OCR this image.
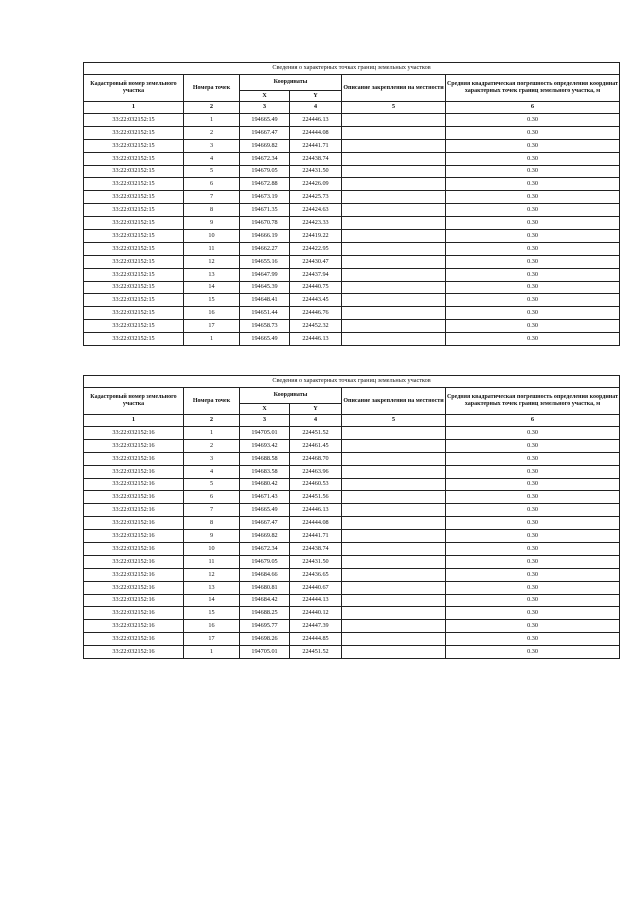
Сведения о характерных точках границ земельных участков					
Кадастровый номер земельного участка	Номера точек	Координаты		Описание закрепления на местности	Средняя квадратическая погрешность определения координат характерных точек границ земельного участка, м
		X	Y		
1	2	3	4	5	6
33:22:032152:15	1	194665.49	224446.13		0.30
33:22:032152:15	2	194667.47	224444.08		0.30
33:22:032152:15	3	194669.82	224441.71		0.30
33:22:032152:15	4	194672.34	224438.74		0.30
33:22:032152:15	5	194679.05	224431.50		0.30
33:22:032152:15	6	194672.88	224426.09		0.30
33:22:032152:15	7	194673.19	224425.73		0.30
33:22:032152:15	8	194671.35	224424.63		0.30
33:22:032152:15	9	194670.78	224423.33		0.30
33:22:032152:15	10	194666.19	224419.22		0.30
33:22:032152:15	11	194662.27	224422.95		0.30
33:22:032152:15	12	194655.16	224430.47		0.30
33:22:032152:15	13	194647.99	224437.94		0.30
33:22:032152:15	14	194645.39	224440.75		0.30
33:22:032152:15	15	194648.41	224443.45		0.30
33:22:032152:15	16	194651.44	224446.76		0.30
33:22:032152:15	17	194658.73	224452.32		0.30
33:22:032152:15	1	194665.49	224446.13		0.30
Сведения о характерных точках границ земельных участков					
Кадастровый номер земельного участка	Номера точек	Координаты		Описание закрепления на местности	Средняя квадратическая погрешность определения координат характерных точек границ земельного участка, м
		X	Y		
1	2	3	4	5	6
33:22:032152:16	1	194705.01	224451.52		0.30
33:22:032152:16	2	194693.42	224461.45		0.30
33:22:032152:16	3	194688.58	224468.70		0.30
33:22:032152:16	4	194683.58	224463.96		0.30
33:22:032152:16	5	194680.42	224460.53		0.30
33:22:032152:16	6	194671.43	224451.56		0.30
33:22:032152:16	7	194665.49	224446.13		0.30
33:22:032152:16	8	194667.47	224444.08		0.30
33:22:032152:16	9	194669.82	224441.71		0.30
33:22:032152:16	10	194672.34	224438.74		0.30
33:22:032152:16	11	194679.05	224431.50		0.30
33:22:032152:16	12	194684.66	224436.65		0.30
33:22:032152:16	13	194680.81	224440.67		0.30
33:22:032152:16	14	194684.42	224444.13		0.30
33:22:032152:16	15	194688.25	224440.12		0.30
33:22:032152:16	16	194695.77	224447.39		0.30
33:22:032152:16	17	194698.26	224444.85		0.30
33:22:032152:16	1	194705.01	224451.52		0.30
